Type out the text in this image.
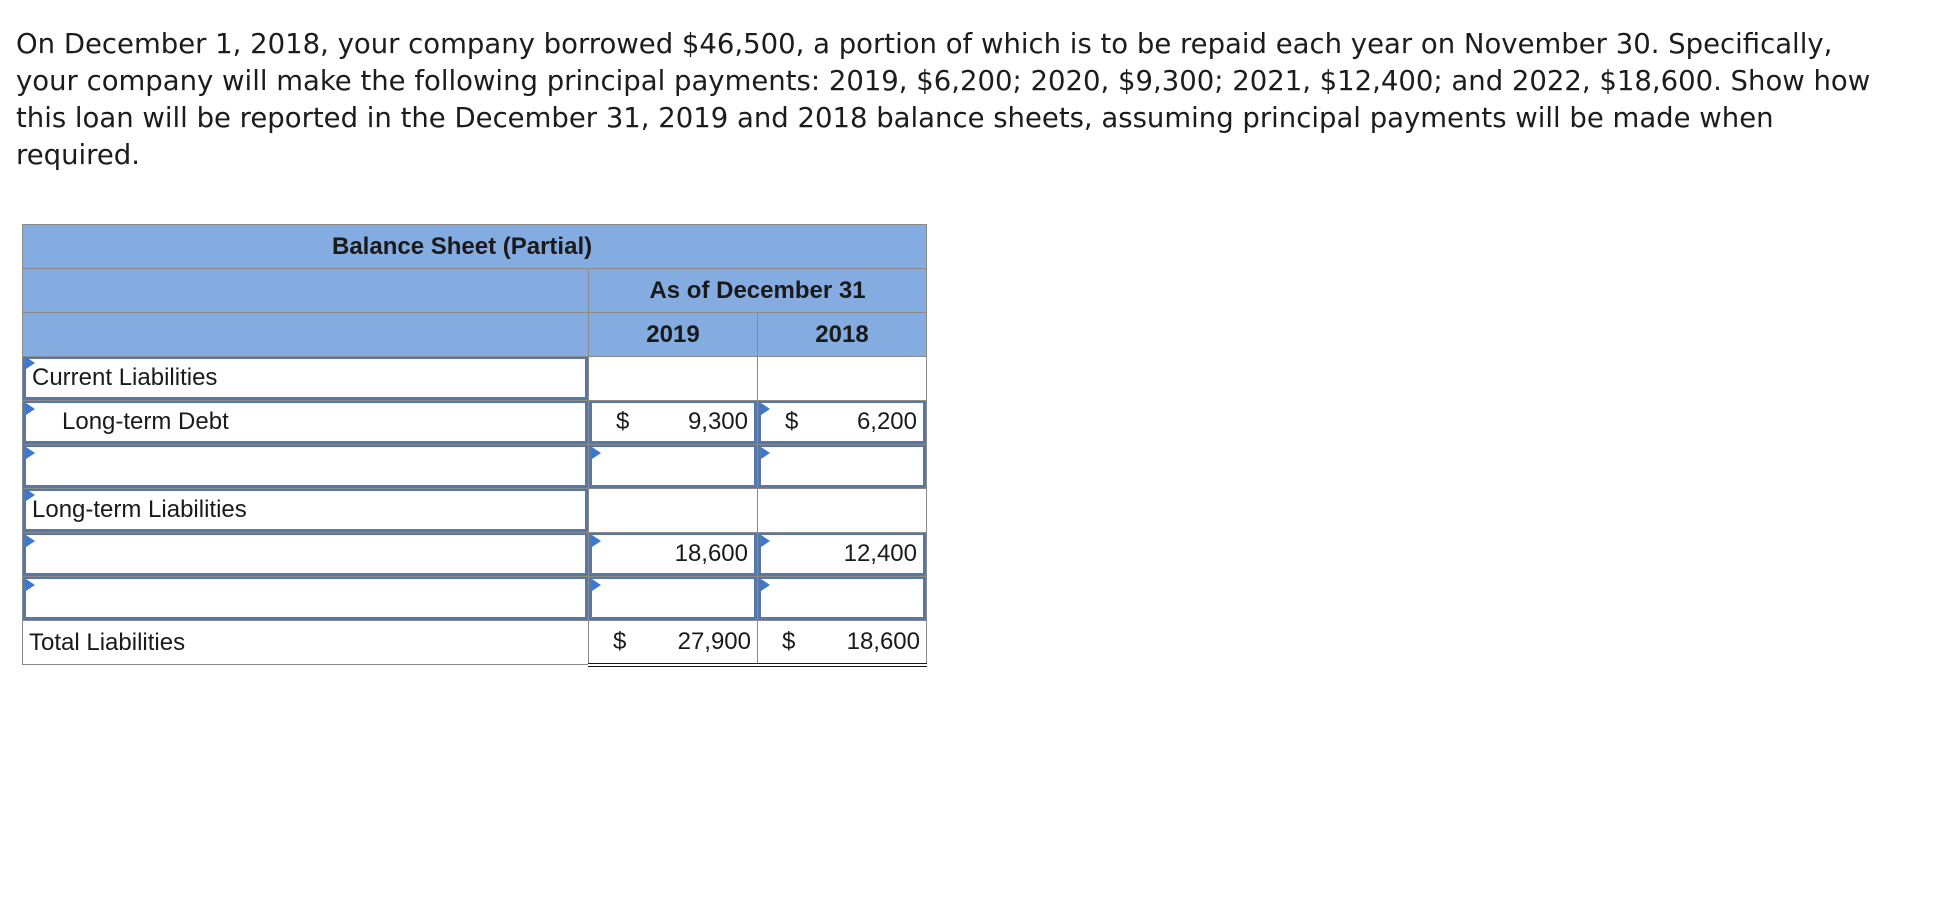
On December 1, 2018, your company borrowed $46,500, a portion of which is to be repaid each year on November 30. Specifically, your company will make the following principal payments: 2019, $6,200; 2020, $9,300; 2021, $12,400; and 2022, $18,600. Show how this loan will be reported in the December 31, 2019 and 2018 balance sheets, assuming principal payments will be made when required.
Balance Sheet (Partial)		
	As of December 31	
	2019	2018

Current Liabilities		

Long-term Debt	$ 9,300	$ 6,200

Long-term Liabilities		

	18,600	12,400

Total Liabilities	$ 27,900	$ 18,600
